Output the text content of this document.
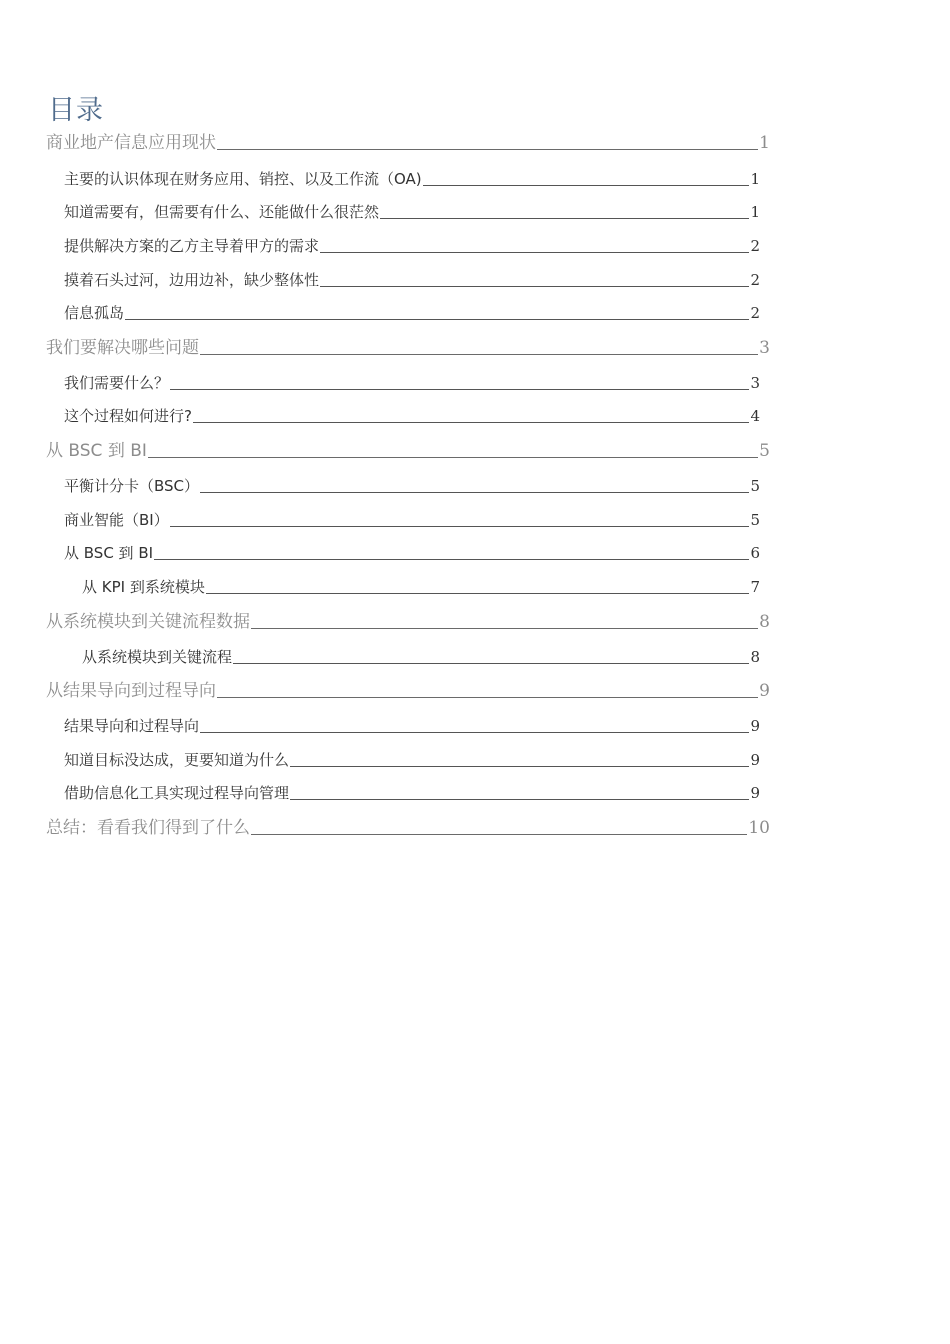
目录
商业地产信息应用现状	1
主要的认识体现在财务应用、销控、以及工作流（OA)	1
知道需要有，但需要有什么、还能做什么很茫然	1
提供解决方案的乙方主导着甲方的需求	2
摸着石头过河，边用边补，缺少整体性	2
信息孤岛	2
我们要解决哪些问题	3
我们需要什么？	3
这个过程如何进行?	4
从 BSC 到 BI	5
平衡计分卡（BSC）	5
商业智能（BI）	5
从 BSC 到 BI	6
从 KPI 到系统模块	7
从系统模块到关键流程数据	8
从系统模块到关键流程	8
从结果导向到过程导向	9
结果导向和过程导向	9
知道目标没达成，更要知道为什么	9
借助信息化工具实现过程导向管理	9
总结：看看我们得到了什么	10
